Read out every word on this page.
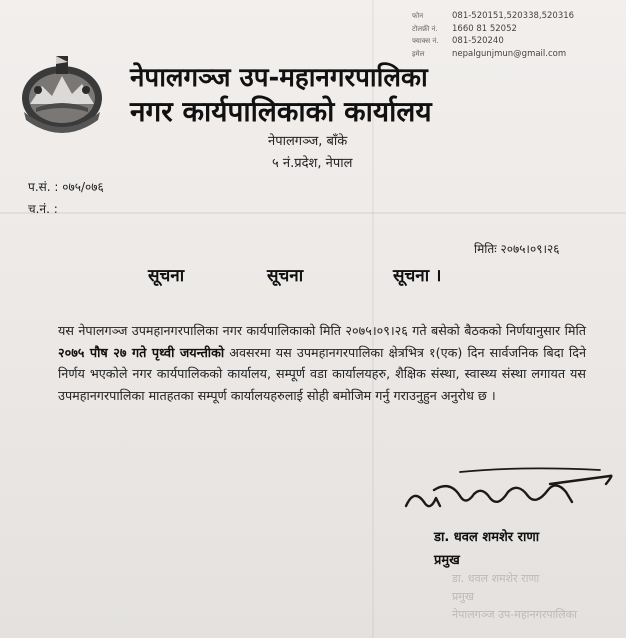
फोन	081-520151,520338,520316
टोलफ्री नं.	1660 81 52052
फ्याक्स नं.	081-520240
इमेल	nepalgunjmun@gmail.com
नेपालगञ्ज उप-महानगरपालिका
नगर कार्यपालिकाको कार्यालय
नेपालगञ्ज, बाँके
५ नं.प्रदेश, नेपाल
प.सं. : ०७५/०७६
च.नं. :
मितिः २०७५।०९।२६
सूचना	सूचना	सूचना ।
यस नेपालगञ्ज उपमहानगरपालिका नगर कार्यपालिकाको मिति २०७५।०९।२६ गते बसेको बैठकको निर्णयानुसार मिति २०७५ पौष २७ गते पृथ्वी जयन्तीको अवसरमा यस उपमहानगरपालिका क्षेत्रभित्र १(एक) दिन सार्वजनिक बिदा दिने निर्णय भएकोले नगर कार्यपालिकको कार्यालय, सम्पूर्ण वडा कार्यालयहरु, शैक्षिक संस्था, स्वास्थ्य संस्था लगायत यस उपमहानगरपालिका मातहतका सम्पूर्ण कार्यालयहरुलाई सोही बमोजिम गर्नु गराउनुहुन अनुरोध छ ।
डा. धवल शमशेर राणा
प्रमुख
डा. धवल शमशेर राणा
प्रमुख
नेपालगञ्ज उप-महानगरपालिका
